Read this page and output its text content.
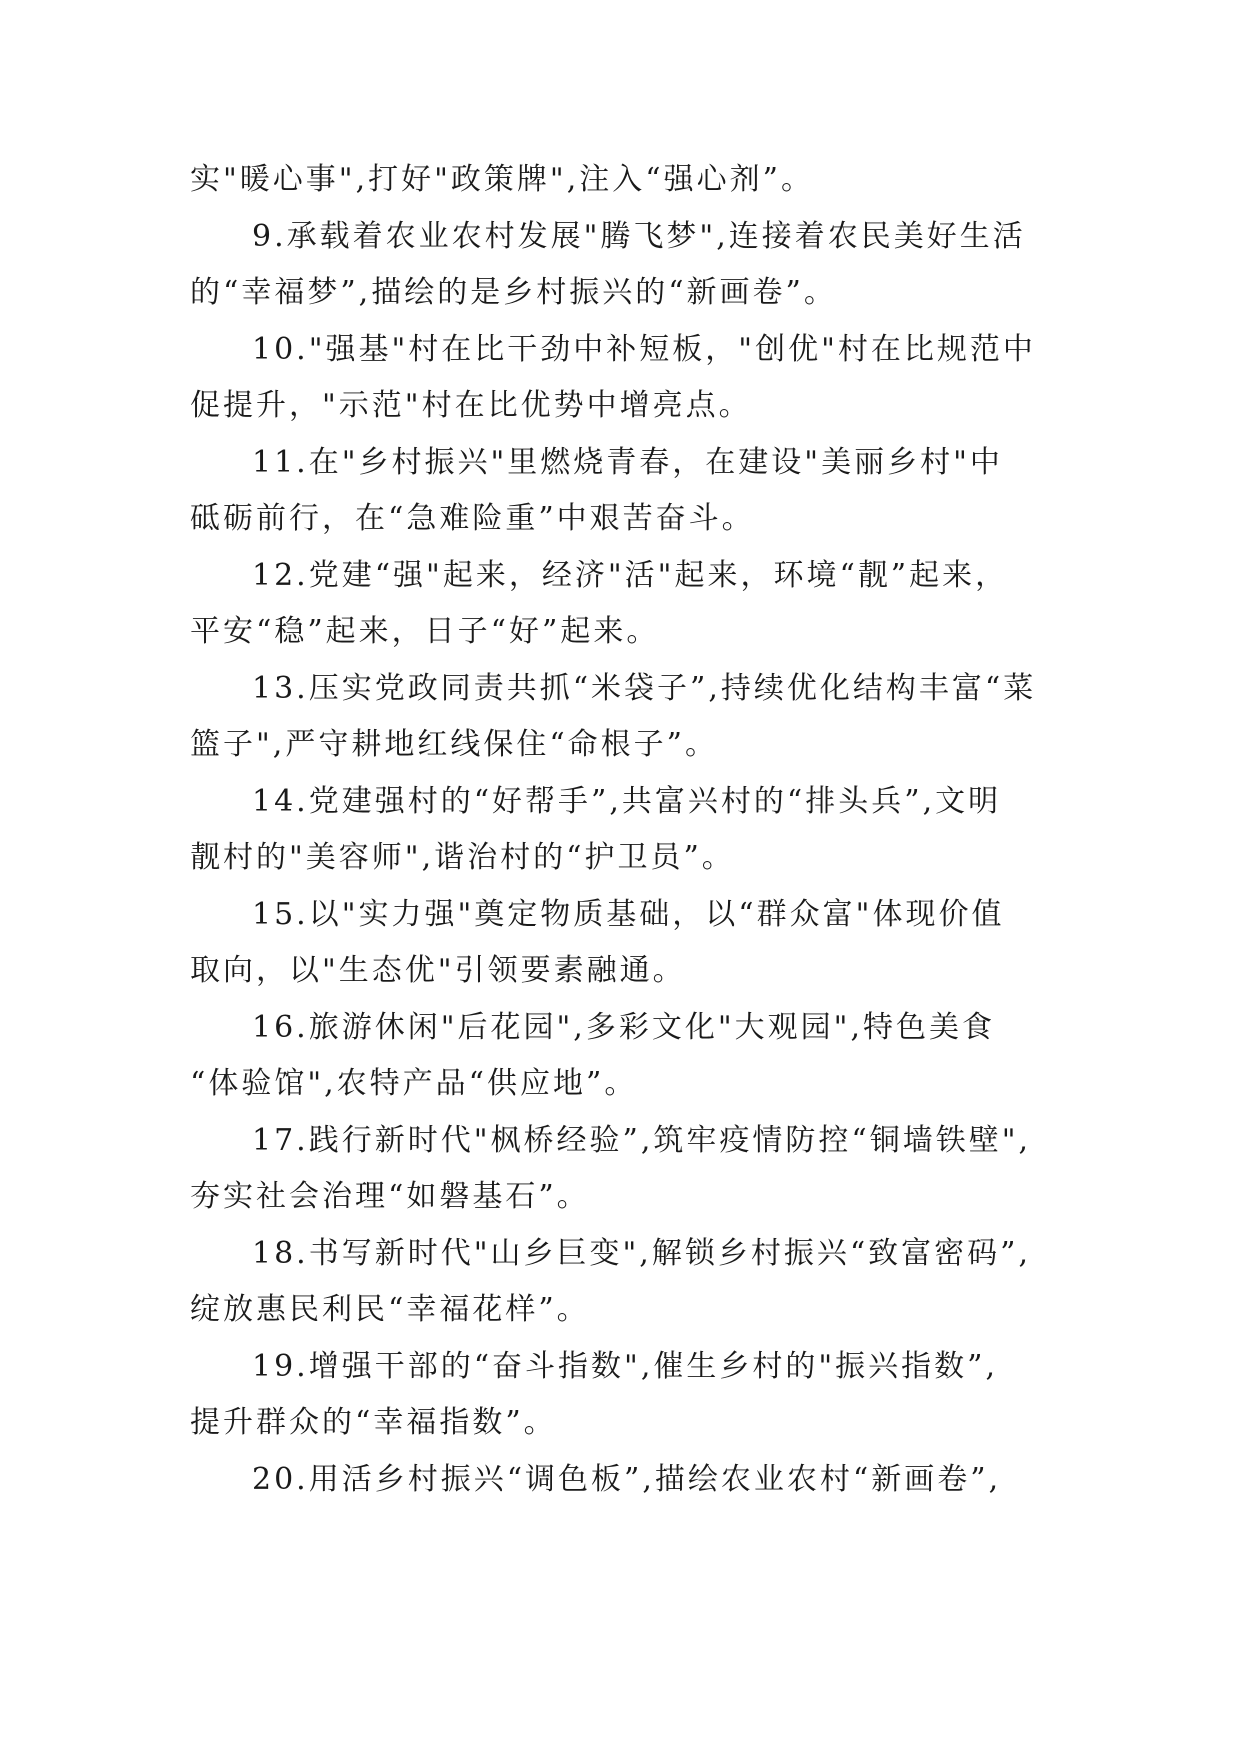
实"暖心事",打好"政策牌",注入“强心剂”。
9.承载着农业农村发展"腾飞梦",连接着农民美好生活
的“幸福梦”,描绘的是乡村振兴的“新画卷”。
10."强基"村在比干劲中补短板，"创优"村在比规范中
促提升，"示范"村在比优势中增亮点。
11.在"乡村振兴"里燃烧青春，在建设"美丽乡村"中
砥砺前行，在“急难险重”中艰苦奋斗。
12.党建“强"起来，经济"活"起来，环境“靓”起来，
平安“稳”起来，日子“好”起来。
13.压实党政同责共抓“米袋子”,持续优化结构丰富“菜
篮子",严守耕地红线保住“命根子”。
14.党建强村的“好帮手”,共富兴村的“排头兵”,文明
靓村的"美容师",谐治村的“护卫员”。
15.以"实力强"奠定物质基础，以“群众富"体现价值
取向，以"生态优"引领要素融通。
16.旅游休闲"后花园",多彩文化"大观园",特色美食
“体验馆",农特产品“供应地”。
17.践行新时代"枫桥经验”,筑牢疫情防控“铜墙铁壁",
夯实社会治理“如磐基石”。
18.书写新时代"山乡巨变",解锁乡村振兴“致富密码”,
绽放惠民利民“幸福花样”。
19.增强干部的“奋斗指数",催生乡村的"振兴指数”,
提升群众的“幸福指数”。
20.用活乡村振兴“调色板”,描绘农业农村“新画卷”,
